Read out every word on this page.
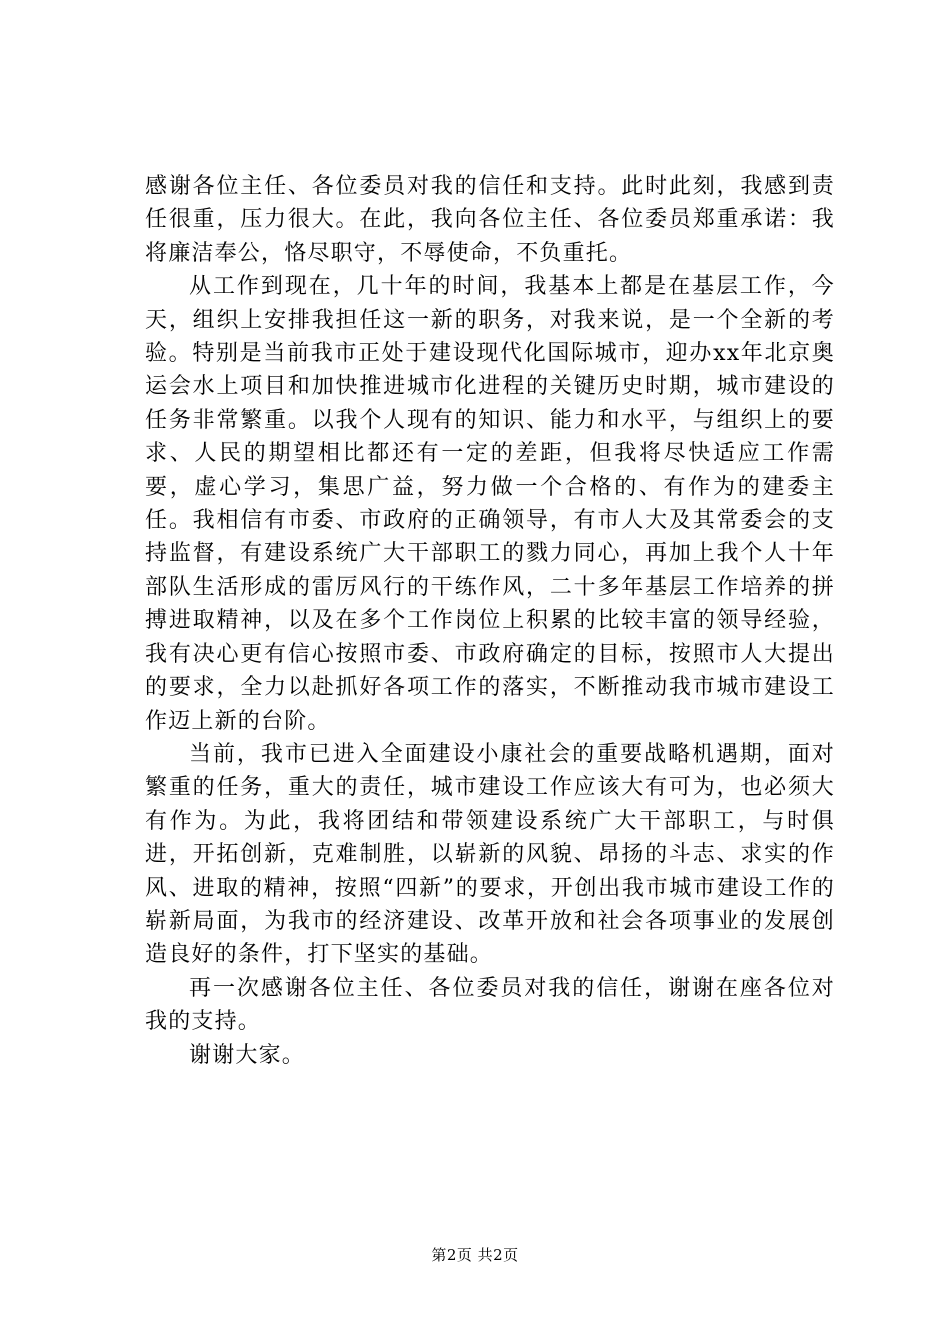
感谢各位主任、各位委员对我的信任和支持。此时此刻，我感到责任很重，压力很大。在此，我向各位主任、各位委员郑重承诺：我将廉洁奉公，恪尽职守，不辱使命，不负重托。

从工作到现在，几十年的时间，我基本上都是在基层工作，今天，组织上安排我担任这一新的职务，对我来说，是一个全新的考验。特别是当前我市正处于建设现代化国际城市，迎办xx年北京奥运会水上项目和加快推进城市化进程的关键历史时期，城市建设的任务非常繁重。以我个人现有的知识、能力和水平，与组织上的要求、人民的期望相比都还有一定的差距，但我将尽快适应工作需要，虚心学习，集思广益，努力做一个合格的、有作为的建委主任。我相信有市委、市政府的正确领导，有市人大及其常委会的支持监督，有建设系统广大干部职工的戮力同心，再加上我个人十年部队生活形成的雷厉风行的干练作风，二十多年基层工作培养的拼搏进取精神，以及在多个工作岗位上积累的比较丰富的领导经验，我有决心更有信心按照市委、市政府确定的目标，按照市人大提出的要求，全力以赴抓好各项工作的落实，不断推动我市城市建设工作迈上新的台阶。

当前，我市已进入全面建设小康社会的重要战略机遇期，面对繁重的任务，重大的责任，城市建设工作应该大有可为，也必须大有作为。为此，我将团结和带领建设系统广大干部职工，与时俱进，开拓创新，克难制胜，以崭新的风貌、昂扬的斗志、求实的作风、进取的精神，按照“四新”的要求，开创出我市城市建设工作的崭新局面，为我市的经济建设、改革开放和社会各项事业的发展创造良好的条件，打下坚实的基础。

再一次感谢各位主任、各位委员对我的信任，谢谢在座各位对我的支持。

谢谢大家。

第2页 共2页
